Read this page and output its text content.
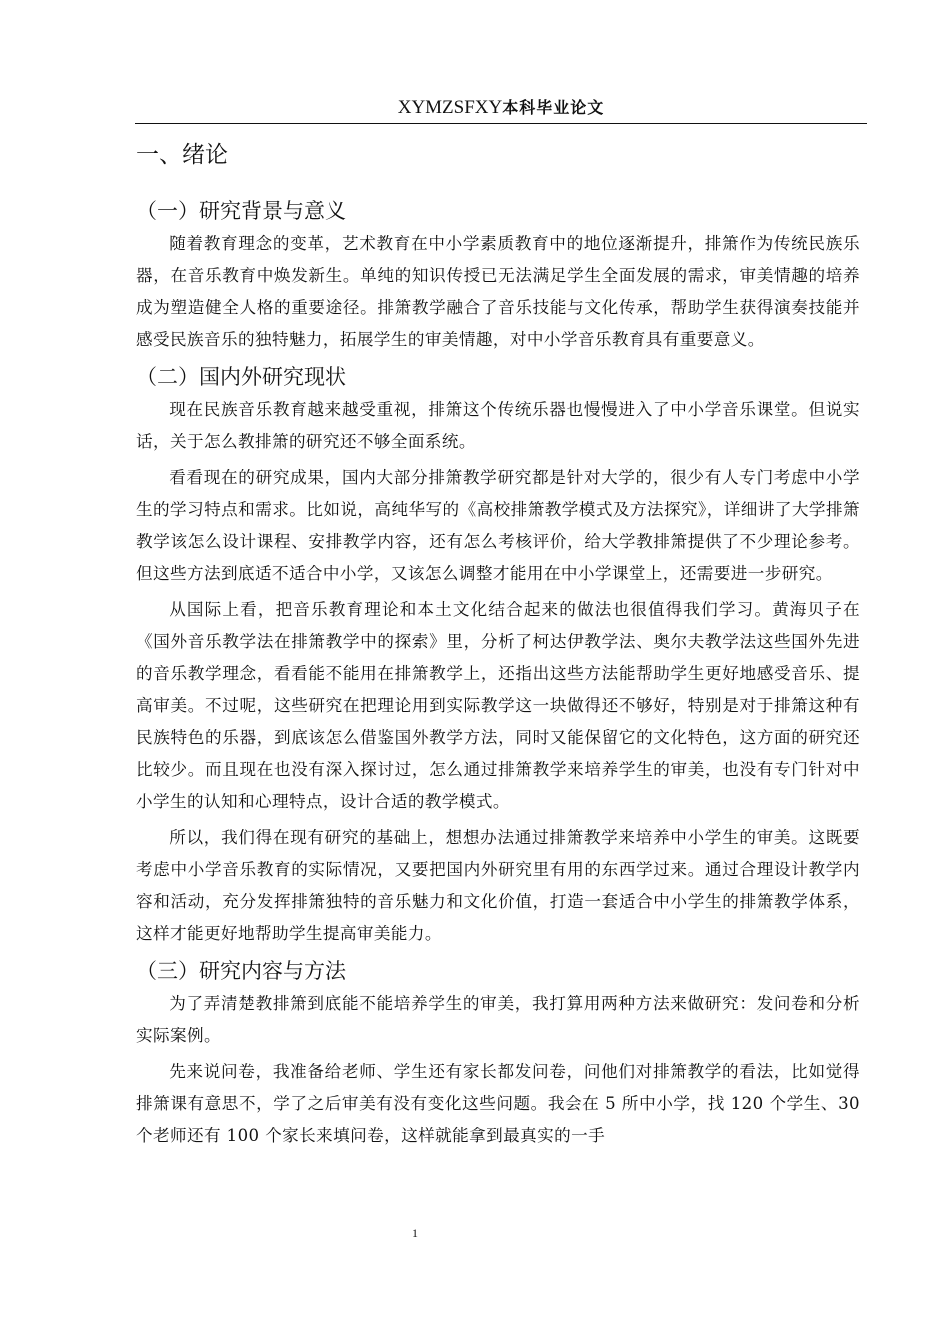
XYMZSFXY本科毕业论文
一、绪论
（一）研究背景与意义

随着教育理念的变革，艺术教育在中小学素质教育中的地位逐渐提升，排箫作为传统民族乐器，在音乐教育中焕发新生。单纯的知识传授已无法满足学生全面发展的需求，审美情趣的培养成为塑造健全人格的重要途径。排箫教学融合了音乐技能与文化传承，帮助学生获得演奏技能并感受民族音乐的独特魅力，拓展学生的审美情趣，对中小学音乐教育具有重要意义。

（二）国内外研究现状

现在民族音乐教育越来越受重视，排箫这个传统乐器也慢慢进入了中小学音乐课堂。但说实话，关于怎么教排箫的研究还不够全面系统。

看看现在的研究成果，国内大部分排箫教学研究都是针对大学的，很少有人专门考虑中小学生的学习特点和需求。比如说，高纯华写的《高校排箫教学模式及方法探究》，详细讲了大学排箫教学该怎么设计课程、安排教学内容，还有怎么考核评价，给大学教排箫提供了不少理论参考。但这些方法到底适不适合中小学，又该怎么调整才能用在中小学课堂上，还需要进一步研究。

从国际上看，把音乐教育理论和本土文化结合起来的做法也很值得我们学习。黄海贝子在《国外音乐教学法在排箫教学中的探索》里，分析了柯达伊教学法、奥尔夫教学法这些国外先进的音乐教学理念，看看能不能用在排箫教学上，还指出这些方法能帮助学生更好地感受音乐、提高审美。不过呢，这些研究在把理论用到实际教学这一块做得还不够好，特别是对于排箫这种有民族特色的乐器，到底该怎么借鉴国外教学方法，同时又能保留它的文化特色，这方面的研究还比较少。而且现在也没有深入探讨过，怎么通过排箫教学来培养学生的审美，也没有专门针对中小学生的认知和心理特点，设计合适的教学模式。

所以，我们得在现有研究的基础上，想想办法通过排箫教学来培养中小学生的审美。这既要考虑中小学音乐教育的实际情况，又要把国内外研究里有用的东西学过来。通过合理设计教学内容和活动，充分发挥排箫独特的音乐魅力和文化价值，打造一套适合中小学生的排箫教学体系，这样才能更好地帮助学生提高审美能力。

（三）研究内容与方法

为了弄清楚教排箫到底能不能培养学生的审美，我打算用两种方法来做研究：发问卷和分析实际案例。

先来说问卷，我准备给老师、学生还有家长都发问卷，问他们对排箫教学的看法，比如觉得排箫课有意思不，学了之后审美有没有变化这些问题。我会在 5 所中小学，找 120 个学生、30 个老师还有 100 个家长来填问卷，这样就能拿到最真实的一手

1
